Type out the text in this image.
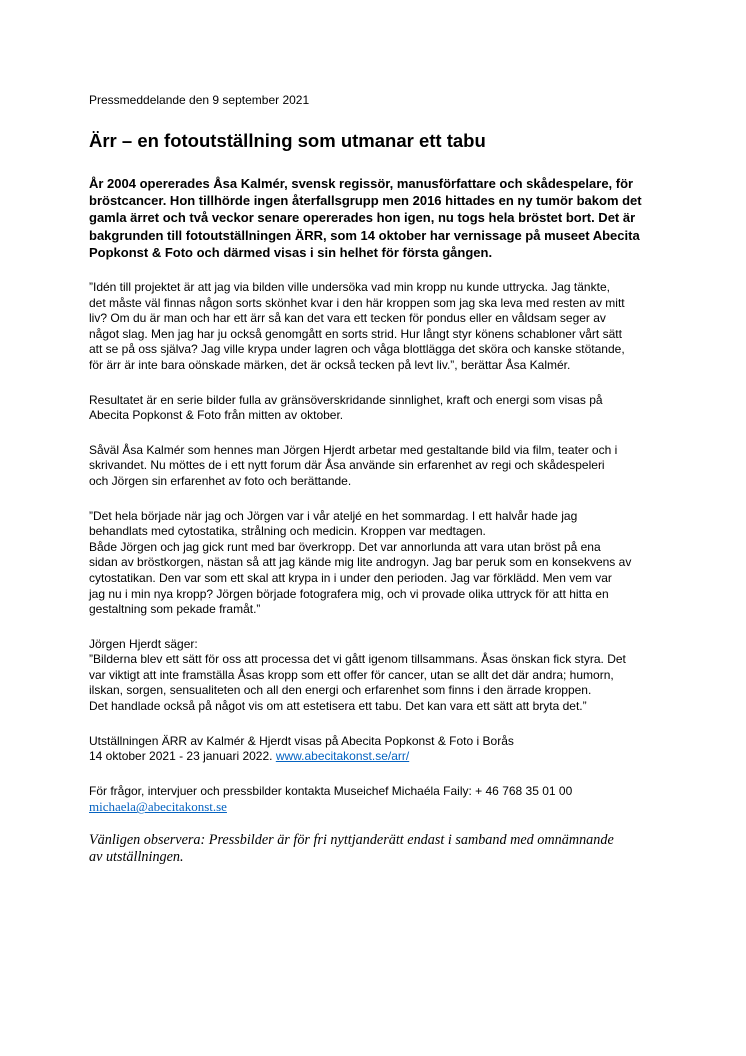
Pressmeddelande den 9 september 2021

Ärr – en fotoutställning som utmanar ett tabu

År 2004 opererades Åsa Kalmér, svensk regissör, manusförfattare och skådespelare, för
bröstcancer. Hon tillhörde ingen återfallsgrupp men 2016 hittades en ny tumör bakom det
gamla ärret och två veckor senare opererades hon igen, nu togs hela bröstet bort. Det är
bakgrunden till fotoutställningen ÄRR, som 14 oktober har vernissage på museet Abecita
Popkonst & Foto och därmed visas i sin helhet för första gången.

”Idén till projektet är att jag via bilden ville undersöka vad min kropp nu kunde uttrycka. Jag tänkte,
det måste väl finnas någon sorts skönhet kvar i den här kroppen som jag ska leva med resten av mitt
liv? Om du är man och har ett ärr så kan det vara ett tecken för pondus eller en våldsam seger av
något slag. Men jag har ju också genomgått en sorts strid. Hur långt styr könens schabloner vårt sätt
att se på oss själva? Jag ville krypa under lagren och våga blottlägga det sköra och kanske stötande,
för ärr är inte bara oönskade märken, det är också tecken på levt liv.”, berättar Åsa Kalmér.

Resultatet är en serie bilder fulla av gränsöverskridande sinnlighet, kraft och energi som visas på
Abecita Popkonst & Foto från mitten av oktober.

Såväl Åsa Kalmér som hennes man Jörgen Hjerdt arbetar med gestaltande bild via film, teater och i
skrivandet. Nu möttes de i ett nytt forum där Åsa använde sin erfarenhet av regi och skådespeleri
och Jörgen sin erfarenhet av foto och berättande.

”Det hela började när jag och Jörgen var i vår ateljé en het sommardag. I ett halvår hade jag
behandlats med cytostatika, strålning och medicin. Kroppen var medtagen.
Både Jörgen och jag gick runt med bar överkropp. Det var annorlunda att vara utan bröst på ena
sidan av bröstkorgen, nästan så att jag kände mig lite androgyn. Jag bar peruk som en konsekvens av
cytostatikan. Den var som ett skal att krypa in i under den perioden. Jag var förklädd. Men vem var
jag nu i min nya kropp? Jörgen började fotografera mig, och vi provade olika uttryck för att hitta en
gestaltning som pekade framåt.”

Jörgen Hjerdt säger:
”Bilderna blev ett sätt för oss att processa det vi gått igenom tillsammans. Åsas önskan fick styra. Det
var viktigt att inte framställa Åsas kropp som ett offer för cancer, utan se allt det där andra; humorn,
ilskan, sorgen, sensualiteten och all den energi och erfarenhet som finns i den ärrade kroppen.
Det handlade också på något vis om att estetisera ett tabu. Det kan vara ett sätt att bryta det.”

Utställningen ÄRR av Kalmér & Hjerdt visas på Abecita Popkonst & Foto i Borås
14 oktober 2021 - 23 januari 2022. www.abecitakonst.se/arr/

För frågor, intervjuer och pressbilder kontakta Museichef Michaéla Faily: + 46 768 35 01 00
michaela@abecitakonst.se

Vänligen observera: Pressbilder är för fri nyttjanderätt endast i samband med omnämnande
av utställningen.
